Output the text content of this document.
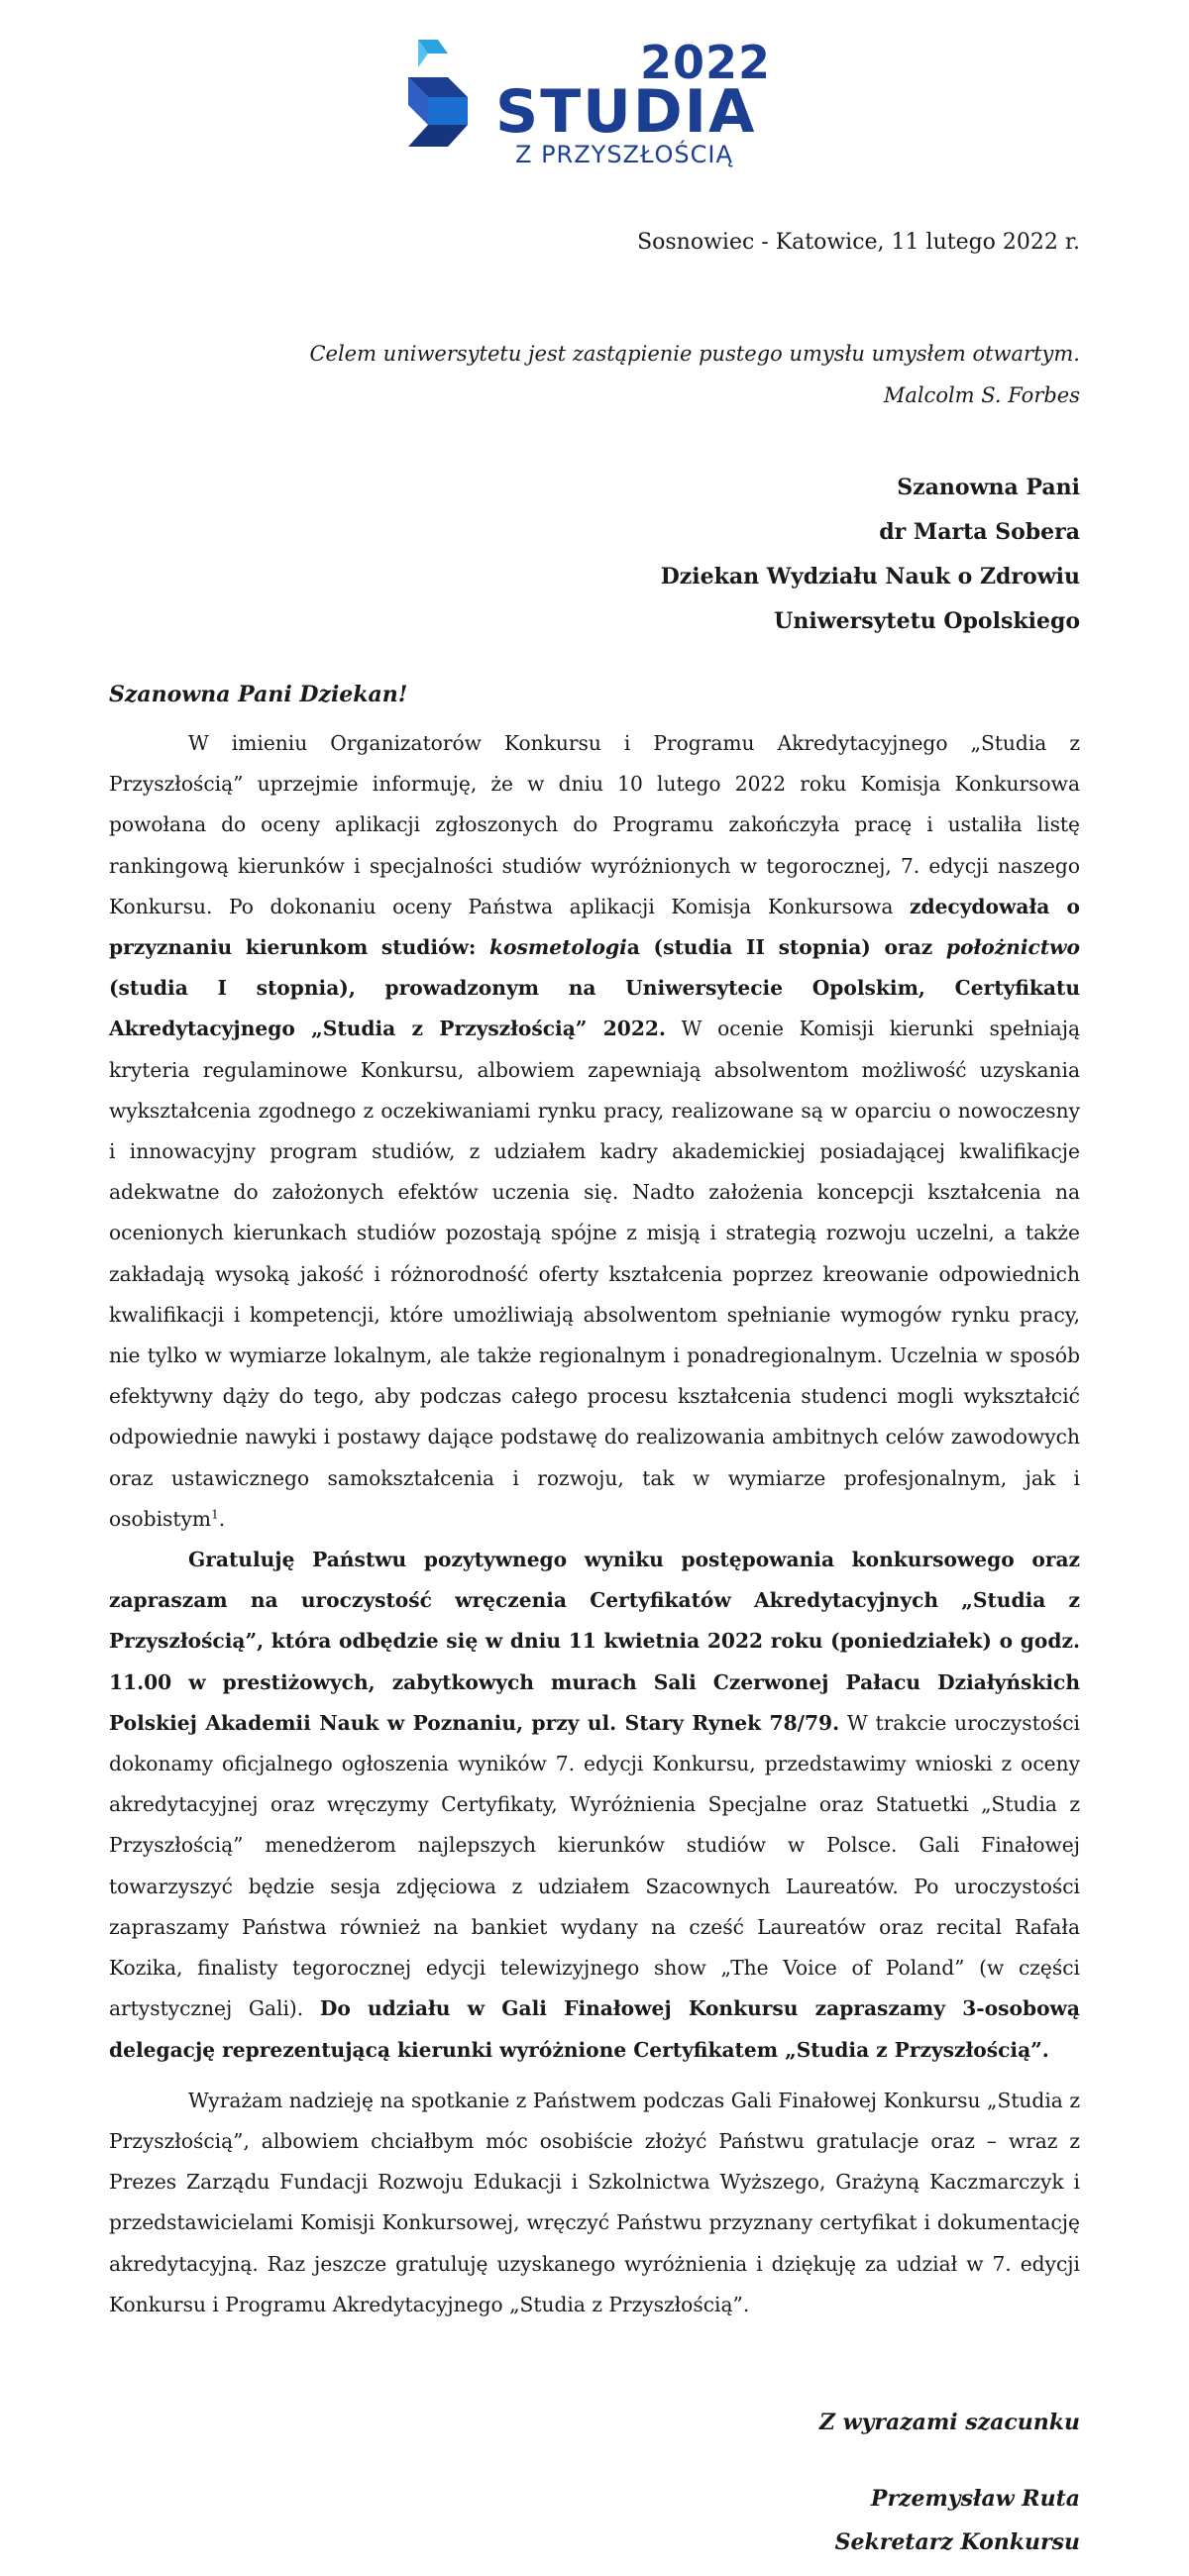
2022
STUDIA
Z PRZYSZŁOŚCIĄ
Sosnowiec - Katowice, 11 lutego 2022 r.
Celem uniwersytetu jest zastąpienie pustego umysłu umysłem otwartym.
Malcolm S. Forbes
Szanowna Pani
dr Marta Sobera
Dziekan Wydziału Nauk o Zdrowiu
Uniwersytetu Opolskiego
Szanowna Pani Dziekan!

W imieniu Organizatorów Konkursu i Programu Akredytacyjnego „Studia z Przyszłością” uprzejmie informuję, że w dniu 10 lutego 2022 roku Komisja Konkursowa powołana do oceny aplikacji zgłoszonych do Programu zakończyła pracę i ustaliła listę rankingową kierunków i specjalności studiów wyróżnionych w tegorocznej, 7. edycji naszego Konkursu. Po dokonaniu oceny Państwa aplikacji Komisja Konkursowa zdecydowała o przyznaniu kierunkom studiów: kosmetologia (studia II stopnia) oraz położnictwo (studia I stopnia), prowadzonym na Uniwersytecie Opolskim, Certyfikatu Akredytacyjnego „Studia z Przyszłością” 2022. W ocenie Komisji kierunki spełniają kryteria regulaminowe Konkursu, albowiem zapewniają absolwentom możliwość uzyskania wykształcenia zgodnego z oczekiwaniami rynku pracy, realizowane są w oparciu o nowoczesny i innowacyjny program studiów, z udziałem kadry akademickiej posiadającej kwalifikacje adekwatne do założonych efektów uczenia się. Nadto założenia koncepcji kształcenia na ocenionych kierunkach studiów pozostają spójne z misją i strategią rozwoju uczelni, a także zakładają wysoką jakość i różnorodność oferty kształcenia poprzez kreowanie odpowiednich kwalifikacji i kompetencji, które umożliwiają absolwentom spełnianie wymogów rynku pracy, nie tylko w wymiarze lokalnym, ale także regionalnym i ponadregionalnym. Uczelnia w sposób efektywny dąży do tego, aby podczas całego procesu kształcenia studenci mogli wykształcić odpowiednie nawyki i postawy dające podstawę do realizowania ambitnych celów zawodowych oraz ustawicznego samokształcenia i rozwoju, tak w wymiarze profesjonalnym, jak i osobistym$^1$.

Gratuluję Państwu pozytywnego wyniku postępowania konkursowego oraz zapraszam na uroczystość wręczenia Certyfikatów Akredytacyjnych „Studia z Przyszłością”, która odbędzie się w dniu 11 kwietnia 2022 roku (poniedziałek) o godz. 11.00 w prestiżowych, zabytkowych murach Sali Czerwonej Pałacu Działyńskich Polskiej Akademii Nauk w Poznaniu, przy ul. Stary Rynek 78/79. W trakcie uroczystości dokonamy oficjalnego ogłoszenia wyników 7. edycji Konkursu, przedstawimy wnioski z oceny akredytacyjnej oraz wręczymy Certyfikaty, Wyróżnienia Specjalne oraz Statuetki „Studia z Przyszłością” menedżerom najlepszych kierunków studiów w Polsce. Gali Finałowej towarzyszyć będzie sesja zdjęciowa z udziałem Szacownych Laureatów. Po uroczystości zapraszamy Państwa również na bankiet wydany na cześć Laureatów oraz recital Rafała Kozika, finalisty tegorocznej edycji telewizyjnego show „The Voice of Poland” (w części artystycznej Gali). Do udziału w Gali Finałowej Konkursu zapraszamy 3-osobową delegację reprezentującą kierunki wyróżnione Certyfikatem „Studia z Przyszłością”.

Wyrażam nadzieję na spotkanie z Państwem podczas Gali Finałowej Konkursu „Studia z Przyszłością”, albowiem chciałbym móc osobiście złożyć Państwu gratulacje oraz – wraz z Prezes Zarządu Fundacji Rozwoju Edukacji i Szkolnictwa Wyższego, Grażyną Kaczmarczyk i przedstawicielami Komisji Konkursowej, wręczyć Państwu przyznany certyfikat i dokumentację akredytacyjną. Raz jeszcze gratuluję uzyskanego wyróżnienia i dziękuję za udział w 7. edycji Konkursu i Programu Akredytacyjnego „Studia z Przyszłością”.

Z wyrazami szacunku
Przemysław Ruta
Sekretarz Konkursu
